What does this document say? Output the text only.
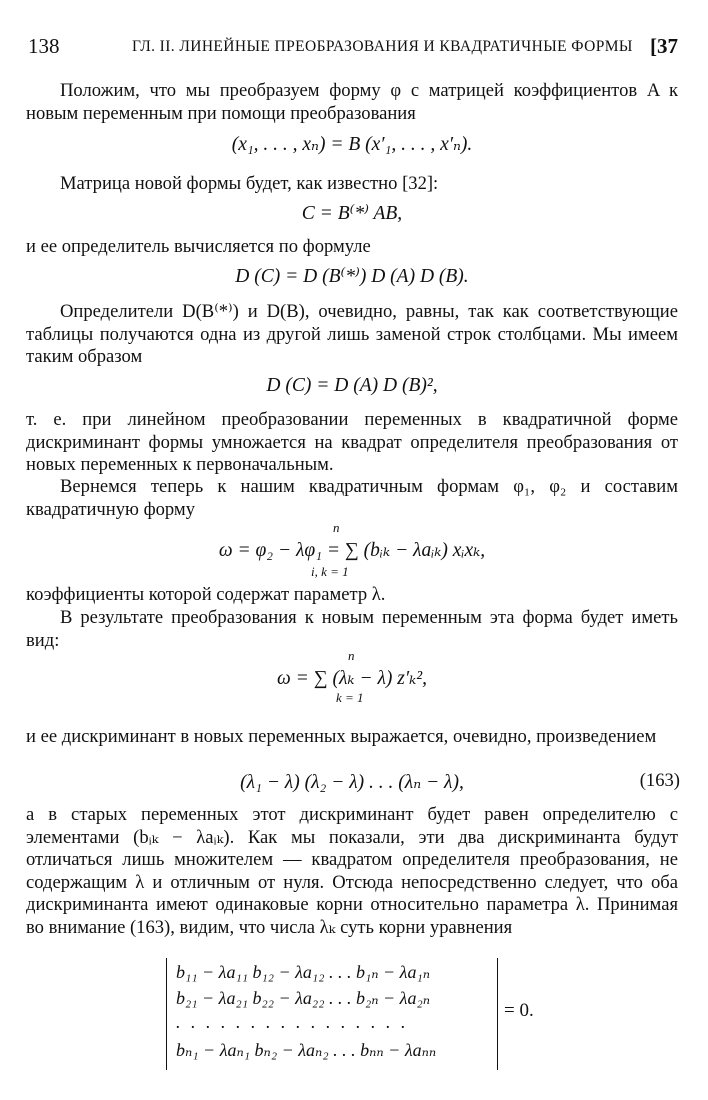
138	ГЛ. II. ЛИНЕЙНЫЕ ПРЕОБРАЗОВАНИЯ И КВАДРАТИЧНЫЕ ФОРМЫ [37

Положим, что мы преобразуем форму φ с матрицей коэффициентов A к новым переменным при помощи преобразования

(x₁, . . . , xₙ) = B (x′₁, . . . , x′ₙ).

Матрица новой формы будет, как известно [32]:

C = B⁽*⁾ AB,

и ее определитель вычисляется по формуле

D (C) = D (B⁽*⁾) D (A) D (B).

Определители D(B⁽*⁾) и D(B), очевидно, равны, так как соответствующие таблицы получаются одна из другой лишь заменой строк столбцами. Мы имеем таким образом

D (C) = D (A) D (B)²,

т. е. при линейном преобразовании переменных в квадратичной форме дискриминант формы умножается на квадрат определителя преобразования от новых переменных к первоначальным.

Вернемся теперь к нашим квадратичным формам φ₁, φ₂ и составим квадратичную форму

n
ω = φ₂ − λφ₁ = ∑ (bᵢₖ − λaᵢₖ) xᵢxₖ,
i, k = 1

коэффициенты которой содержат параметр λ.

В результате преобразования к новым переменным эта форма будет иметь вид:

n
ω = ∑ (λₖ − λ) z′ₖ²,
k = 1

и ее дискриминант в новых переменных выражается, очевидно, произведением

(λ₁ − λ) (λ₂ − λ) . . . (λₙ − λ),	(163)

а в старых переменных этот дискриминант будет равен определителю с элементами (bᵢₖ − λaᵢₖ). Как мы показали, эти два дискриминанта будут отличаться лишь множителем — квадратом определителя преобразования, не содержащим λ и отличным от нуля. Отсюда непосредственно следует, что оба дискриминанта имеют одинаковые корни относительно параметра λ. Принимая во внимание (163), видим, что числа λₖ суть корни уравнения

b₁₁ − λa₁₁ b₁₂ − λa₁₂ . . . b₁ₙ − λa₁ₙ
b₂₁ − λa₂₁ b₂₂ − λa₂₂ . . . b₂ₙ − λa₂ₙ
. . . . . . . . . . . . . . . .
bₙ₁ − λaₙ₁ bₙ₂ − λaₙ₂ . . . bₙₙ − λaₙₙ
= 0.
